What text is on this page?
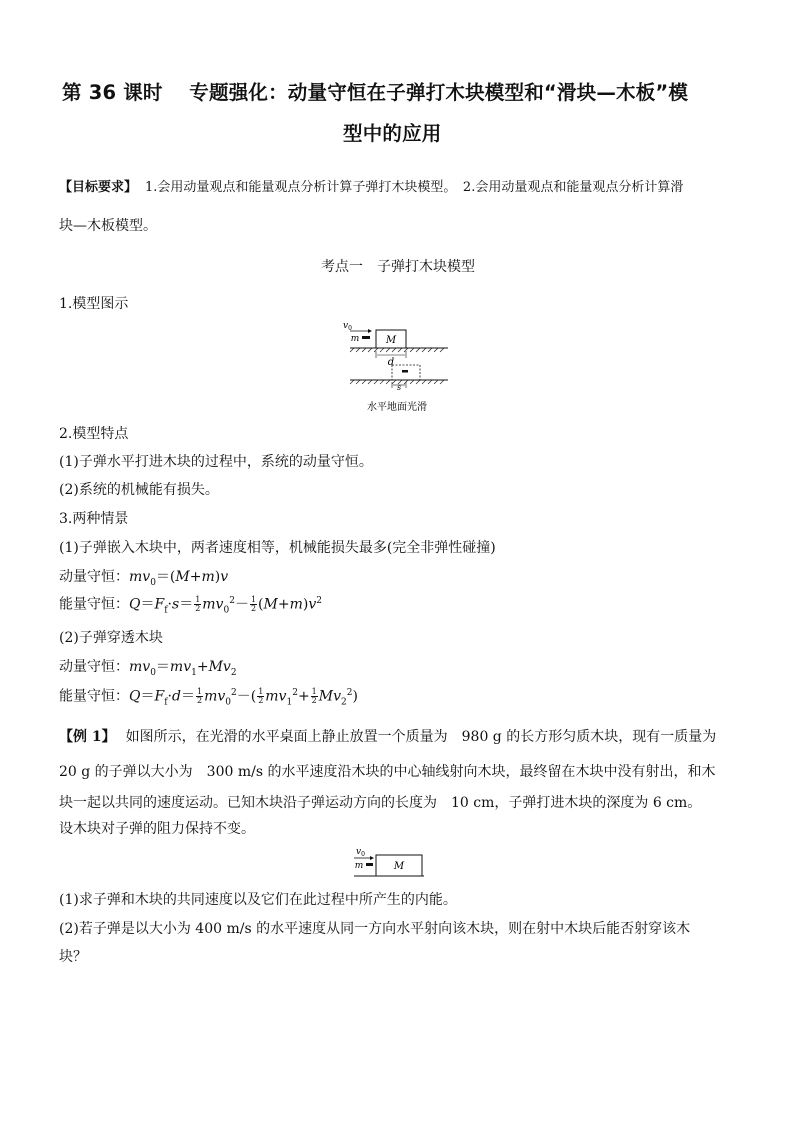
第 36 课时　 专题强化：动量守恒在子弹打木块模型和“滑块—木板”模
型中的应用
【目标要求】 1.会用动量观点和能量观点分析计算子弹打木块模型。　2.会用动量观点和能量观点分析计算滑
块—木板模型。
考点一　子弹打木块模型
1.模型图示
M
m
$v_0$
d
s
水平地面光滑
2.模型特点
(1)子弹水平打进木块的过程中，系统的动量守恒。
(2)系统的机械能有损失。
3.两种情景
(1)子弹嵌入木块中，两者速度相等，机械能损失最多(完全非弹性碰撞)
动量守恒：$mv_0=(M+m)v$
能量守恒：$Q=F_f\cdot s= \frac{1}{2} mv_0^2- \frac{1}{2} (M+m)v^2$
(2)子弹穿透木块
动量守恒：$mv_0=mv_1+Mv_2$
能量守恒：$Q=F_f\cdot d= \frac{1}{2} mv_0^2-( \frac{1}{2} mv_1^2+ \frac{1}{2} Mv_2^2)$
【例 1】 如图所示，在光滑的水平桌面上静止放置一个质量为　980 g 的长方形匀质木块，现有一质量为
20 g 的子弹以大小为　300 m/s 的水平速度沿木块的中心轴线射向木块，最终留在木块中没有射出，和木
块一起以共同的速度运动。已知木块沿子弹运动方向的长度为　10 cm，子弹打进木块的深度为 6 cm。
设木块对子弹的阻力保持不变。
M
m
$v_0$
(1)求子弹和木块的共同速度以及它们在此过程中所产生的内能。
(2)若子弹是以大小为 400 m/s 的水平速度从同一方向水平射向该木块，则在射中木块后能否射穿该木
块？
